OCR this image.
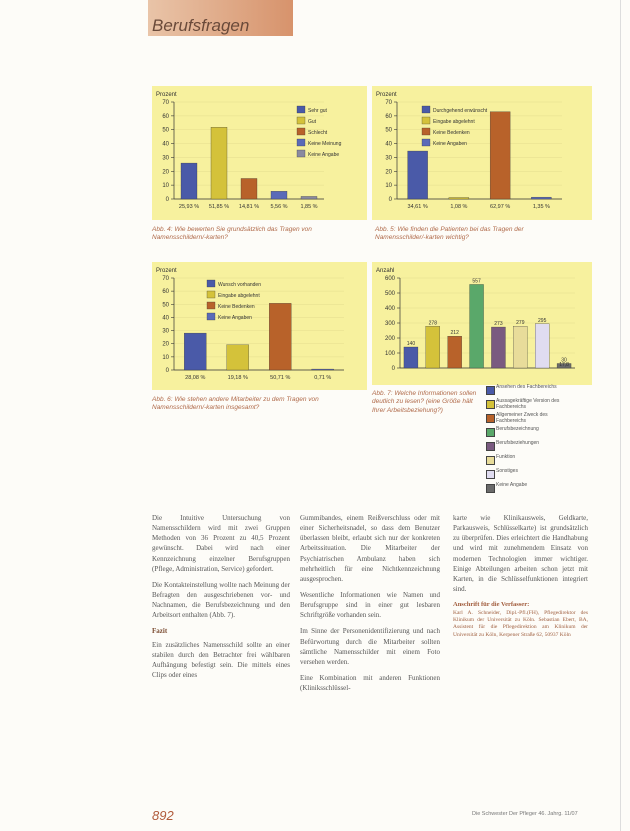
Berufsfragen
Prozent
0
10
20
30
40
50
60
70
25,93 % 51,85 % 14,81 % 5,56 % 1,85 %
Sehr gut
Gut
Schlecht
Keine Meinung
Keine Angabe
Prozent
0
10
20
30
40
50
60
70
34,61 %	1,08 %	62,97 %	1,35 %
Durchgehend erwünscht
Eingabe abgelehnt
Keine Bedenken
Keine Angaben
Prozent
0
10
20
30
40
50
60
70
28,08 %	19,18 %	50,71 %	0,71 %
Wunsch vorhanden
Eingabe abgelehnt
Keine Bedenken
Keine Angaben
Anzahl
0
100
200
300
400
500
600
140
278
212
557
273	279	295
30
17,8
Abb. 4: Wie bewerten Sie grundsätzlich das Tragen von Namensschildern/-karten?
Abb. 5: Wie finden die Patienten bei das Tragen der Namensschilder/-karten wichtig?
Abb. 6: Wie stehen andere Mitarbeiter zu dem Tragen von Namensschildern/-karten insgesamt?
Abb. 7: Welche Informationen sollen deutlich zu lesen? (eine Größe hält Ihrer Arbeitsbeziehung?)
Ansehen des Fachbereichs
Aussagekräftige Version des Fachbereichs
Allgemeiner Zweck des Fachbereichs
Berufsbezeichnung
Berufsbeziehungen
Funktion
Sonstiges
Keine Angabe

Die Intuitive Untersuchung von Namensschildern wird mit zwei Gruppen Methoden von 36 Prozent zu 40,5 Prozent gewünscht. Dabei wird nach einer Kennzeichnung einzelner Berufsgruppen (Pflege, Administration, Service) gefordert.

Die Kontakteinstellung wollte nach Meinung der Befragten den ausgeschriebenen vor- und Nachnamen, die Berufsbezeichnung und den Arbeitsort enthalten (Abb. 7).

Fazit

Ein zusätzliches Namensschild sollte an einer stabilen durch den Betrachter frei wählbaren Aufhängung befestigt sein. Die mittels eines Clips oder eines

Gummibandes, einem Reißverschluss oder mit einer Sicherheitsnadel, so dass dem Benutzer überlassen bleibt, erlaubt sich nur der konkreten Arbeitssituation. Die Mitarbeiter der Psychiatrischen Ambulanz haben sich mehrheitlich für eine Nichtkennzeichnung ausgesprochen.

Wesentliche Informationen wie Namen und Berufsgruppe sind in einer gut lesbaren Schriftgröße vorhanden sein.

Im Sinne der Personenidentifizierung und nach Befürwortung durch die Mitarbeiter sollten sämtliche Namensschilder mit einem Foto versehen werden.

Eine Kombination mit anderen Funktionen (Kliniksschlüssel-

karte wie Klinikausweis, Geldkarte, Parkausweis, Schlüsselkarte) ist grundsätzlich zu überprüfen. Dies erleichtert die Handhabung und wird mit zunehmendem Einsatz von modernen Technologien immer wichtiger. Einige Abteilungen arbeiten schon jetzt mit Karten, in die Schlüsselfunktionen integriert sind.

Anschrift für die Verfasser:
Karl A. Schneider, Dipl.-Pfl.(FH), Pflegedirektor des Klinikum der Universität zu Köln. Sebastian Ebert, BA, Assistent für die Pflegedirektion am Klinikum der Universität zu Köln, Kerpener Straße 62, 50937 Köln
892	Die Schwester Der Pfleger 46. Jahrg. 11/07
